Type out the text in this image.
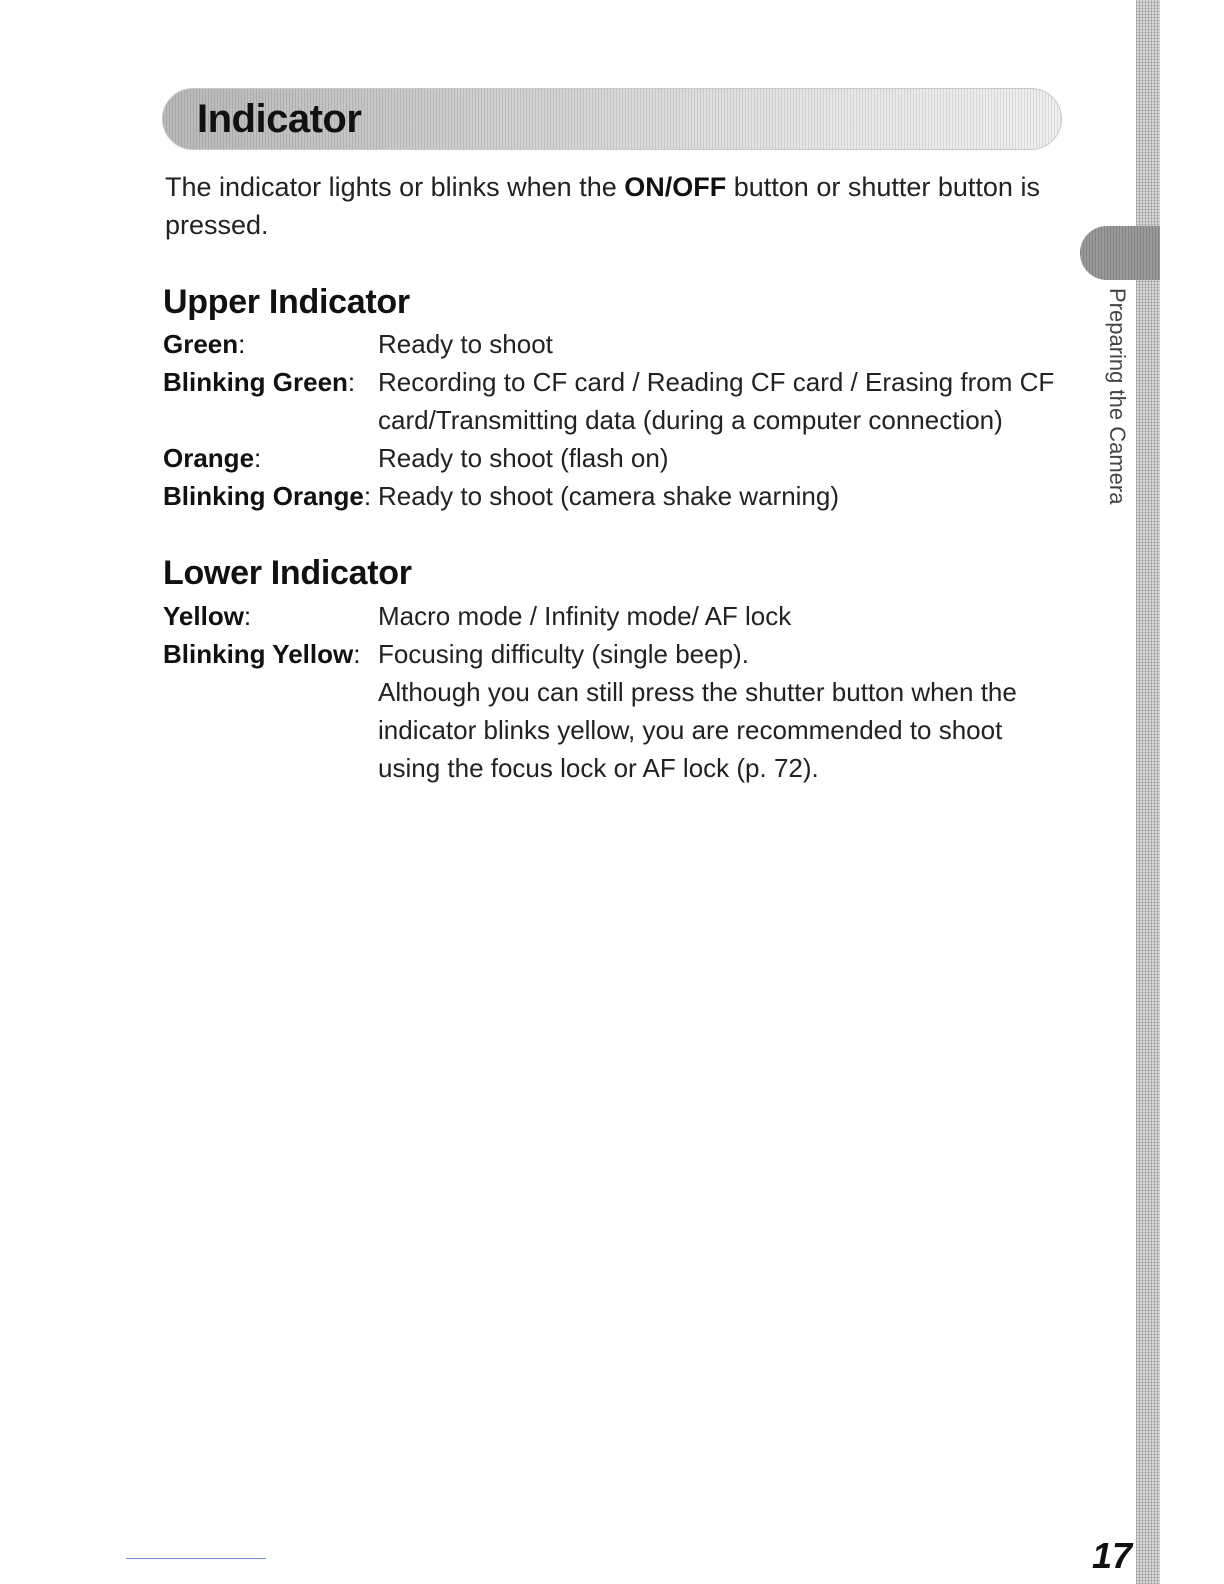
Indicator
The indicator lights or blinks when the ON/OFF button or shutter button is pressed.
Upper Indicator
Green:	Ready to shoot

Blinking Green: Recording to CF card / Reading CF card / Erasing from CF card/Transmitting data (during a computer connection)

Orange:	Ready to shoot (flash on)

Blinking Orange: Ready to shoot (camera shake warning)

Lower Indicator
Yellow:	Macro mode / Infinity mode/ AF lock

Blinking Yellow: Focusing difficulty (single beep).

Although you can still press the shutter button when the indicator blinks yellow, you are recommended to shoot using the focus lock or AF lock (p. 72).

Preparing the Camera
17
